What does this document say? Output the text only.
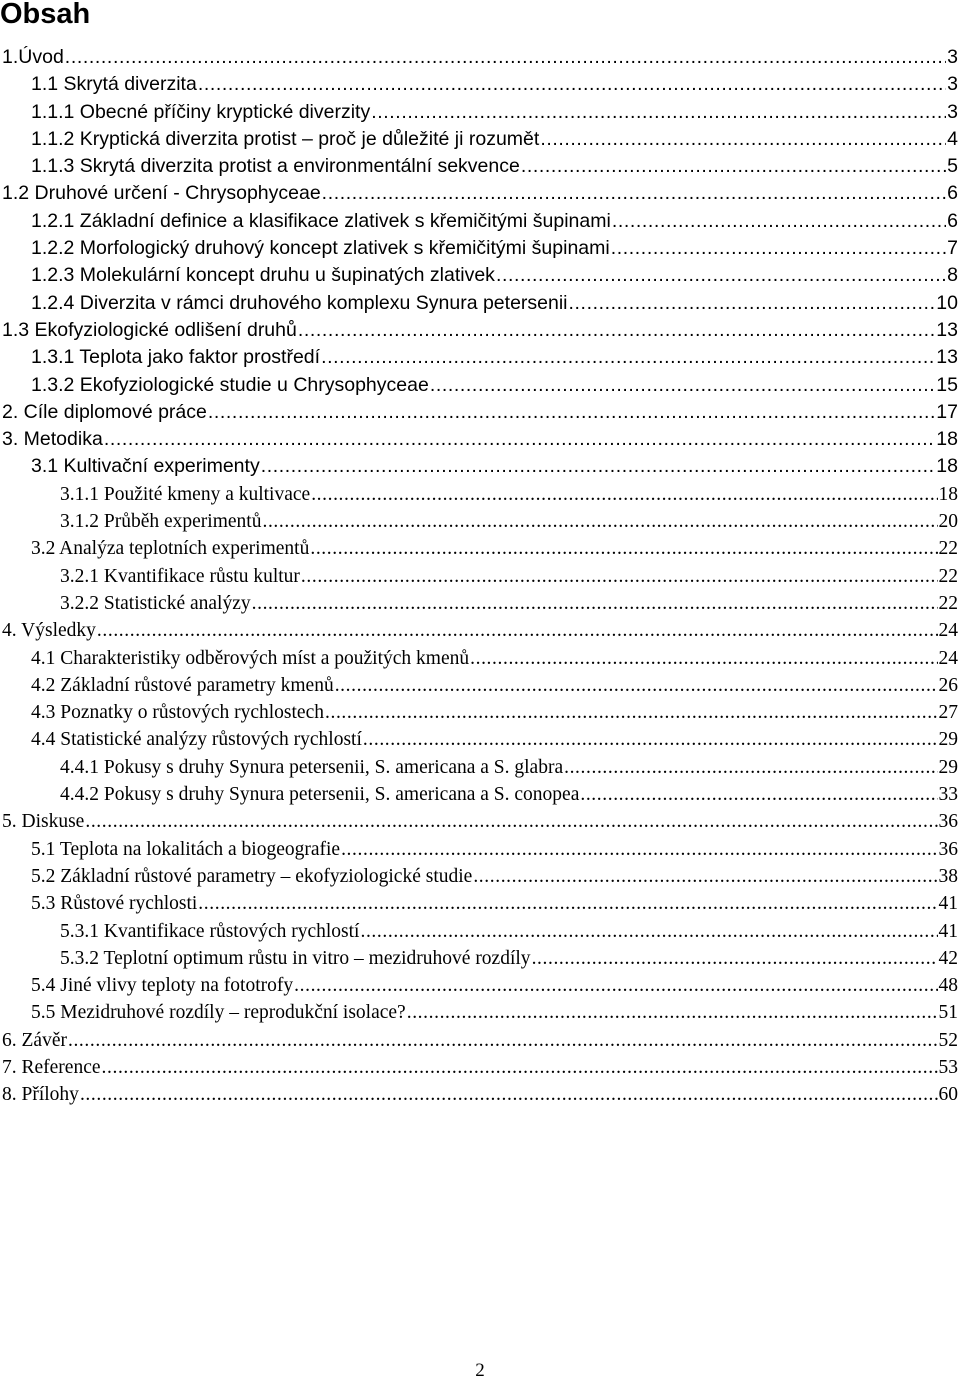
Obsah
1.Úvod .....	3
1.1 Skrytá diverzita .....	3
1.1.1 Obecné příčiny kryptické diverzity .....	3
1.1.2 Kryptická diverzita protist – proč je důležité ji rozumět .....	4
1.1.3 Skrytá diverzita protist a environmentální sekvence .....	5
1.2 Druhové určení - Chrysophyceae .....	6
1.2.1 Základní definice a klasifikace zlativek s křemičitými šupinami .....	6
1.2.2 Morfologický druhový koncept zlativek s křemičitými šupinami .....	7
1.2.3 Molekulární koncept druhu u šupinatých zlativek .....	8
1.2.4 Diverzita v rámci druhového komplexu Synura petersenii .....	10
1.3 Ekofyziologické odlišení druhů .....	13
1.3.1 Teplota jako faktor prostředí .....	13
1.3.2 Ekofyziologické studie u Chrysophyceae .....	15
2. Cíle diplomové práce .....	17
3. Metodika .....	18
3.1 Kultivační experimenty .....	18
3.1.1 Použité kmeny a kultivace .....	18
3.1.2 Průběh experimentů .....	20
3.2 Analýza teplotních experimentů .....	22
3.2.1 Kvantifikace růstu kultur .....	22
3.2.2 Statistické analýzy .....	22
4. Výsledky .....	24
4.1 Charakteristiky odběrových míst a použitých kmenů .....	24
4.2 Základní růstové parametry kmenů .....	26
4.3 Poznatky o růstových rychlostech .....	27
4.4 Statistické analýzy růstových rychlostí .....	29
4.4.1 Pokusy s druhy Synura petersenii, S. americana a S. glabra .....	29
4.4.2 Pokusy s druhy Synura petersenii, S. americana a S. conopea .....	33
5. Diskuse .....	36
5.1 Teplota na lokalitách a biogeografie .....	36
5.2 Základní růstové parametry – ekofyziologické studie .....	38
5.3 Růstové rychlosti .....	41
5.3.1 Kvantifikace růstových rychlostí .....	41
5.3.2 Teplotní optimum růstu in vitro – mezidruhové rozdíly .....	42
5.4 Jiné vlivy teploty na fototrofy .....	48
5.5 Mezidruhové rozdíly – reprodukční isolace? .....	51
6. Závěr .....	52
7. Reference .....	53
8. Přílohy .....	60
2
